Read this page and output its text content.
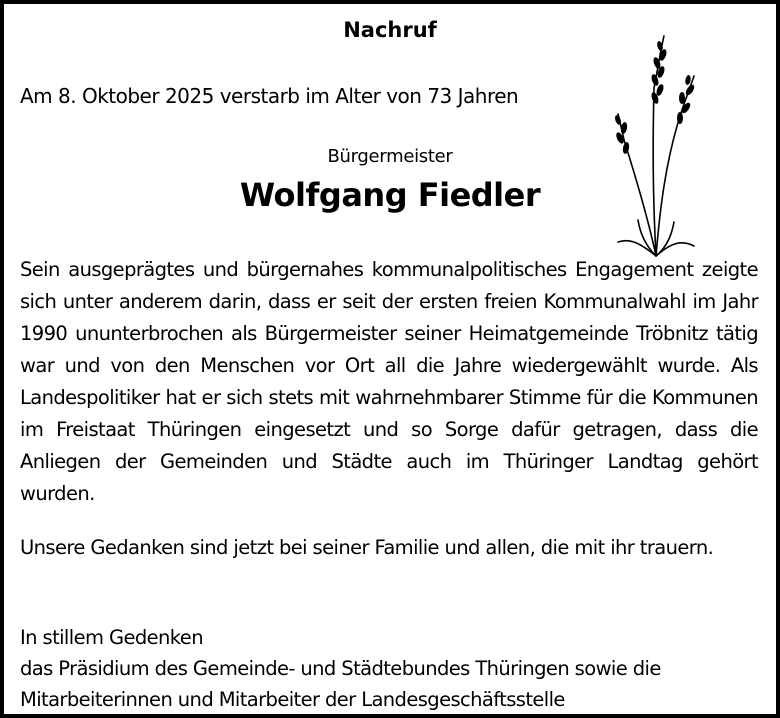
Nachruf
Am 8. Oktober 2025 verstarb im Alter von 73 Jahren
Bürgermeister
Wolfgang Fiedler
Sein ausgeprägtes und bürgernahes kommunalpolitisches Engagement zeigte sich unter anderem darin, dass er seit der ersten freien Kommunalwahl im Jahr 1990 ununterbrochen als Bürgermeister seiner Heimatgemeinde Tröbnitz tätig war und von den Menschen vor Ort all die Jahre wiedergewählt wurde. Als Landespolitiker hat er sich stets mit wahrnehmbarer Stimme für die Kommunen im Freistaat Thüringen eingesetzt und so Sorge dafür getragen, dass die Anliegen der Gemeinden und Städte auch im Thüringer Landtag gehört wurden.
Unsere Gedanken sind jetzt bei seiner Familie und allen, die mit ihr trauern.
In stillem Gedenken
das Präsidium des Gemeinde- und Städtebundes Thüringen sowie die
Mitarbeiterinnen und Mitarbeiter der Landesgeschäftsstelle
